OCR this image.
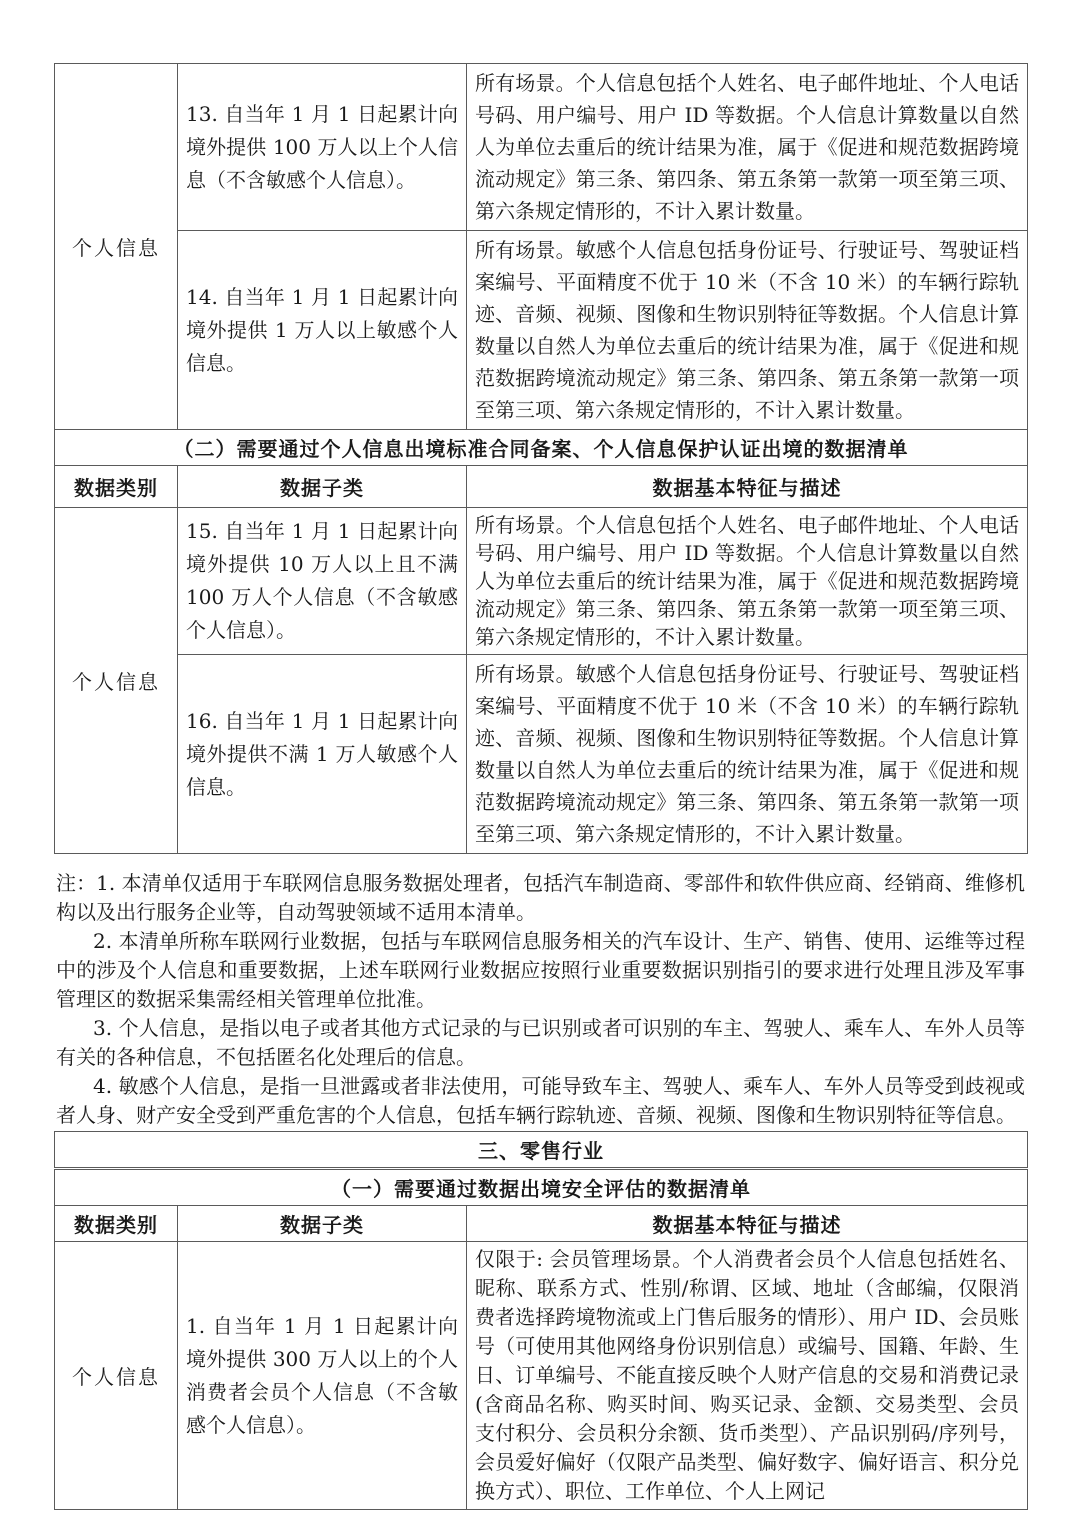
个人信息	13. 自当年 1 月 1 日起累计向境外提供 100 万人以上个人信息（不含敏感个人信息）。	所有场景。个人信息包括个人姓名、电子邮件地址、个人电话号码、用户编号、用户 ID 等数据。个人信息计算数量以自然人为单位去重后的统计结果为准，属于《促进和规范数据跨境流动规定》第三条、第四条、第五条第一款第一项至第三项、第六条规定情形的，不计入累计数量。
	14. 自当年 1 月 1 日起累计向境外提供 1 万人以上敏感个人信息。	所有场景。敏感个人信息包括身份证号、行驶证号、驾驶证档案编号、平面精度不优于 10 米（不含 10 米）的车辆行踪轨迹、音频、视频、图像和生物识别特征等数据。个人信息计算数量以自然人为单位去重后的统计结果为准，属于《促进和规范数据跨境流动规定》第三条、第四条、第五条第一款第一项至第三项、第六条规定情形的，不计入累计数量。
（二）需要通过个人信息出境标准合同备案、个人信息保护认证出境的数据清单		
数据类别	数据子类	数据基本特征与描述
个人信息	15. 自当年 1 月 1 日起累计向境外提供 10 万人以上且不满 100 万人个人信息（不含敏感个人信息）。	所有场景。个人信息包括个人姓名、电子邮件地址、个人电话号码、用户编号、用户 ID 等数据。个人信息计算数量以自然人为单位去重后的统计结果为准，属于《促进和规范数据跨境流动规定》第三条、第四条、第五条第一款第一项至第三项、第六条规定情形的，不计入累计数量。
	16. 自当年 1 月 1 日起累计向境外提供不满 1 万人敏感个人信息。	所有场景。敏感个人信息包括身份证号、行驶证号、驾驶证档案编号、平面精度不优于 10 米（不含 10 米）的车辆行踪轨迹、音频、视频、图像和生物识别特征等数据。个人信息计算数量以自然人为单位去重后的统计结果为准，属于《促进和规范数据跨境流动规定》第三条、第四条、第五条第一款第一项至第三项、第六条规定情形的，不计入累计数量。

注：1. 本清单仅适用于车联网信息服务数据处理者，包括汽车制造商、零部件和软件供应商、经销商、维修机构以及出行服务企业等，自动驾驶领域不适用本清单。

2. 本清单所称车联网行业数据，包括与车联网信息服务相关的汽车设计、生产、销售、使用、运维等过程中的涉及个人信息和重要数据，上述车联网行业数据应按照行业重要数据识别指引的要求进行处理且涉及军事管理区的数据采集需经相关管理单位批准。

3. 个人信息，是指以电子或者其他方式记录的与已识别或者可识别的车主、驾驶人、乘车人、车外人员等有关的各种信息，不包括匿名化处理后的信息。

4. 敏感个人信息，是指一旦泄露或者非法使用，可能导致车主、驾驶人、乘车人、车外人员等受到歧视或者人身、财产安全受到严重危害的个人信息，包括车辆行踪轨迹、音频、视频、图像和生物识别特征等信息。

三、零售行业		
（一）需要通过数据出境安全评估的数据清单		
数据类别	数据子类	数据基本特征与描述
个人信息	1. 自当年 1 月 1 日起累计向境外提供 300 万人以上的个人消费者会员个人信息（不含敏感个人信息）。	仅限于: 会员管理场景。个人消费者会员个人信息包括姓名、昵称、联系方式、性别/称谓、区域、地址（含邮编，仅限消费者选择跨境物流或上门售后服务的情形）、用户 ID、会员账号（可使用其他网络身份识别信息）或编号、国籍、年龄、生日、订单编号、不能直接反映个人财产信息的交易和消费记录(含商品名称、购买时间、购买记录、金额、交易类型、会员支付积分、会员积分余额、货币类型）、产品识别码/序列号，会员爱好偏好（仅限产品类型、偏好数字、偏好语言、积分兑换方式）、职位、工作单位、个人上网记
